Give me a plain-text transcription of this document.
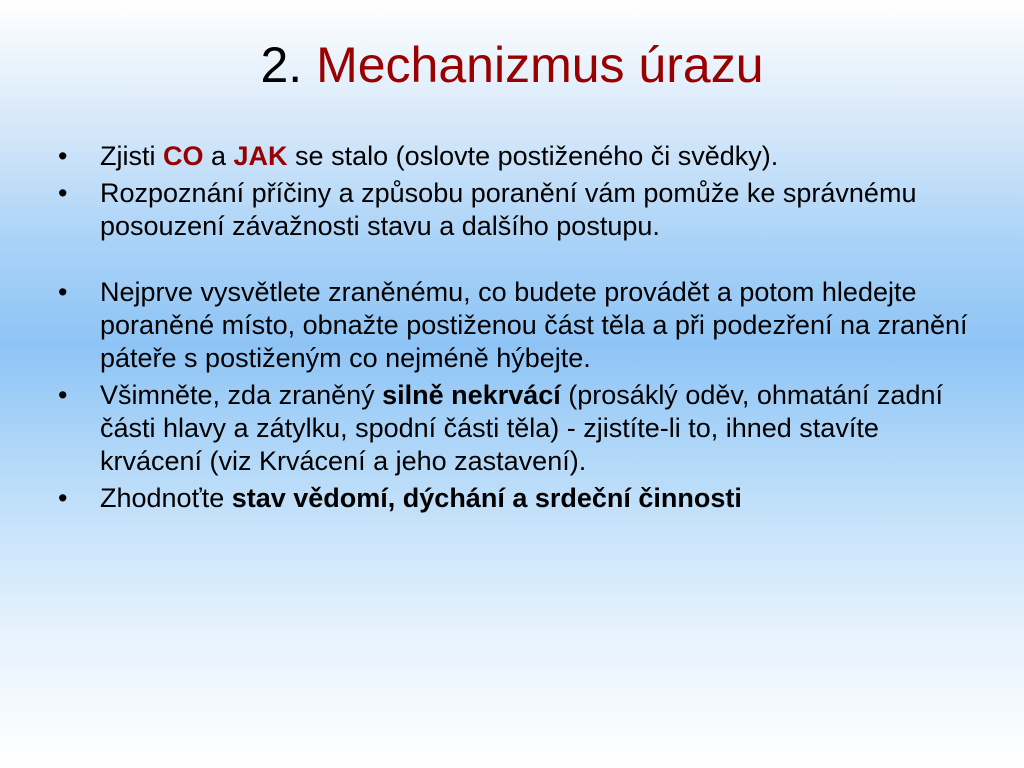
2. Mechanizmus úrazu
• Zjisti CO a JAK se stalo (oslovte postiženého či svědky).
• Rozpoznání příčiny a způsobu poranění vám pomůže ke správnému posouzení závažnosti stavu a dalšího postupu.
• Nejprve vysvětlete zraněnému, co budete provádět a potom hledejte poraněné místo, obnažte postiženou část těla a při podezření na zranění páteře s postiženým co nejméně hýbejte.
• Všimněte, zda zraněný silně nekrvácí (prosáklý oděv, ohmatání zadní části hlavy a zátylku, spodní části těla) - zjistíte-li to, ihned stavíte krvácení (viz Krvácení a jeho zastavení).
• Zhodnoťte stav vědomí, dýchání a srdeční činnosti
